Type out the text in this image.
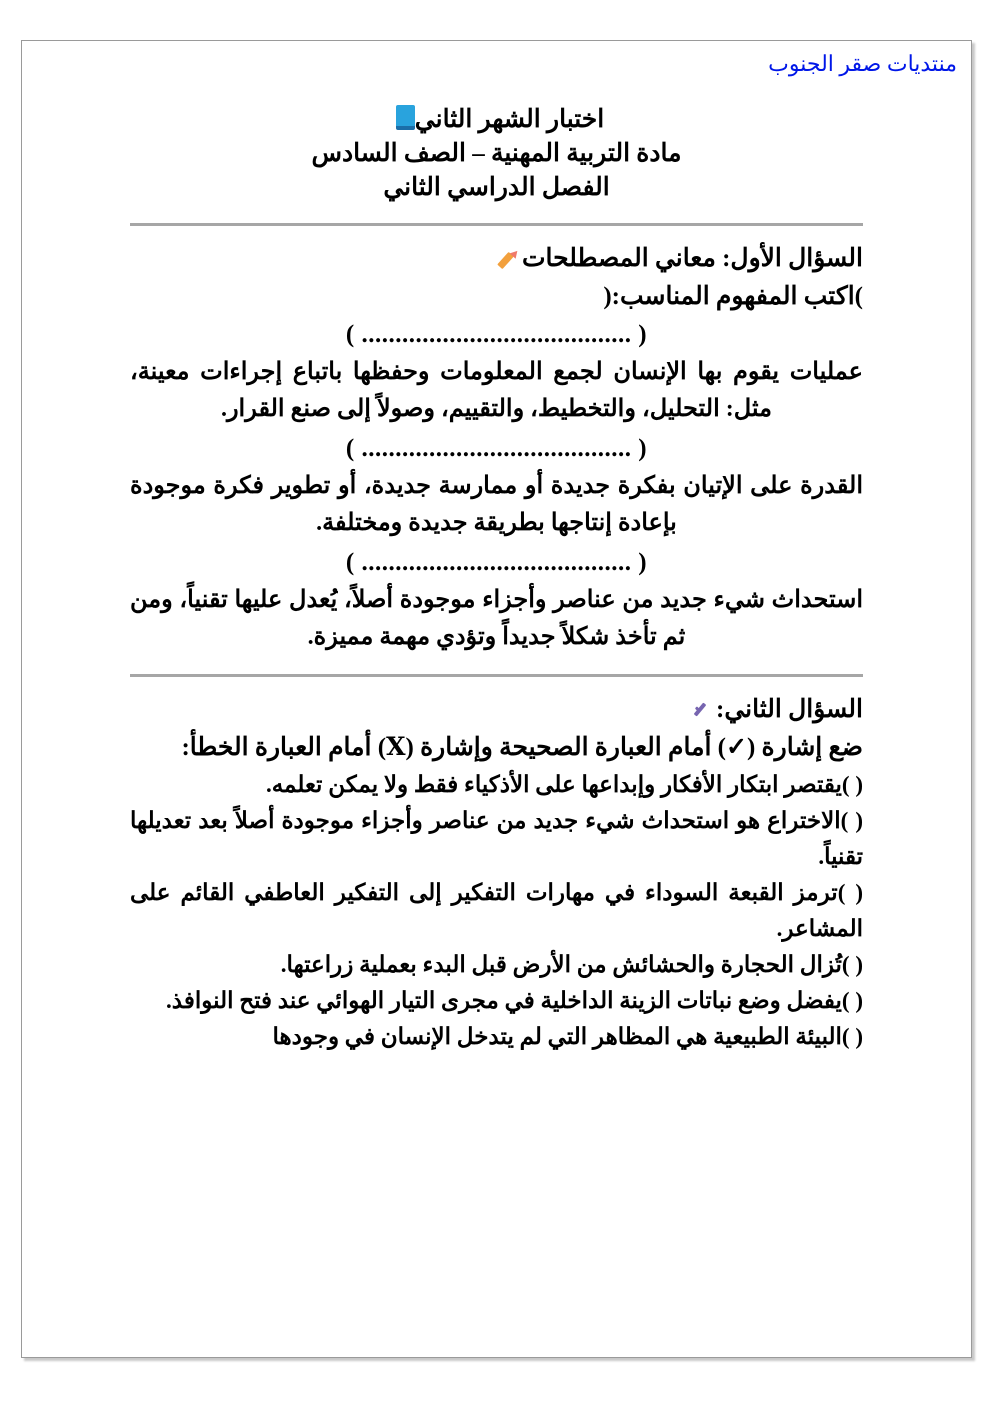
منتديات صقر الجنوب
اختبار الشهر الثاني
مادة التربية المهنية – الصف السادس
الفصل الدراسي الثاني
السؤال الأول: معاني المصطلحات
)اكتب المفهوم المناسب:(
( ........................................ )
عمليات يقوم بها الإنسان لجمع المعلومات وحفظها باتباع إجراءات معينة، مثل: التحليل، والتخطيط، والتقييم، وصولاً إلى صنع القرار.
( ........................................ )
القدرة على الإتيان بفكرة جديدة أو ممارسة جديدة، أو تطوير فكرة موجودة بإعادة إنتاجها بطريقة جديدة ومختلفة.
( ........................................ )
استحداث شيء جديد من عناصر وأجزاء موجودة أصلاً، يُعدل عليها تقنياً، ومن ثم تأخذ شكلاً جديداً وتؤدي مهمة مميزة.
السؤال الثاني:
ضع إشارة (✓) أمام العبارة الصحيحة وإشارة (Ⅹ) أمام العبارة الخطأ:
( )يقتصر ابتكار الأفكار وإبداعها على الأذكياء فقط ولا يمكن تعلمه.
( )الاختراع هو استحداث شيء جديد من عناصر وأجزاء موجودة أصلاً بعد تعديلها تقنياً.
( )ترمز القبعة السوداء في مهارات التفكير إلى التفكير العاطفي القائم على المشاعر.
( )تُزال الحجارة والحشائش من الأرض قبل البدء بعملية زراعتها.
( )يفضل وضع نباتات الزينة الداخلية في مجرى التيار الهوائي عند فتح النوافذ.
( )البيئة الطبيعية هي المظاهر التي لم يتدخل الإنسان في وجودها
